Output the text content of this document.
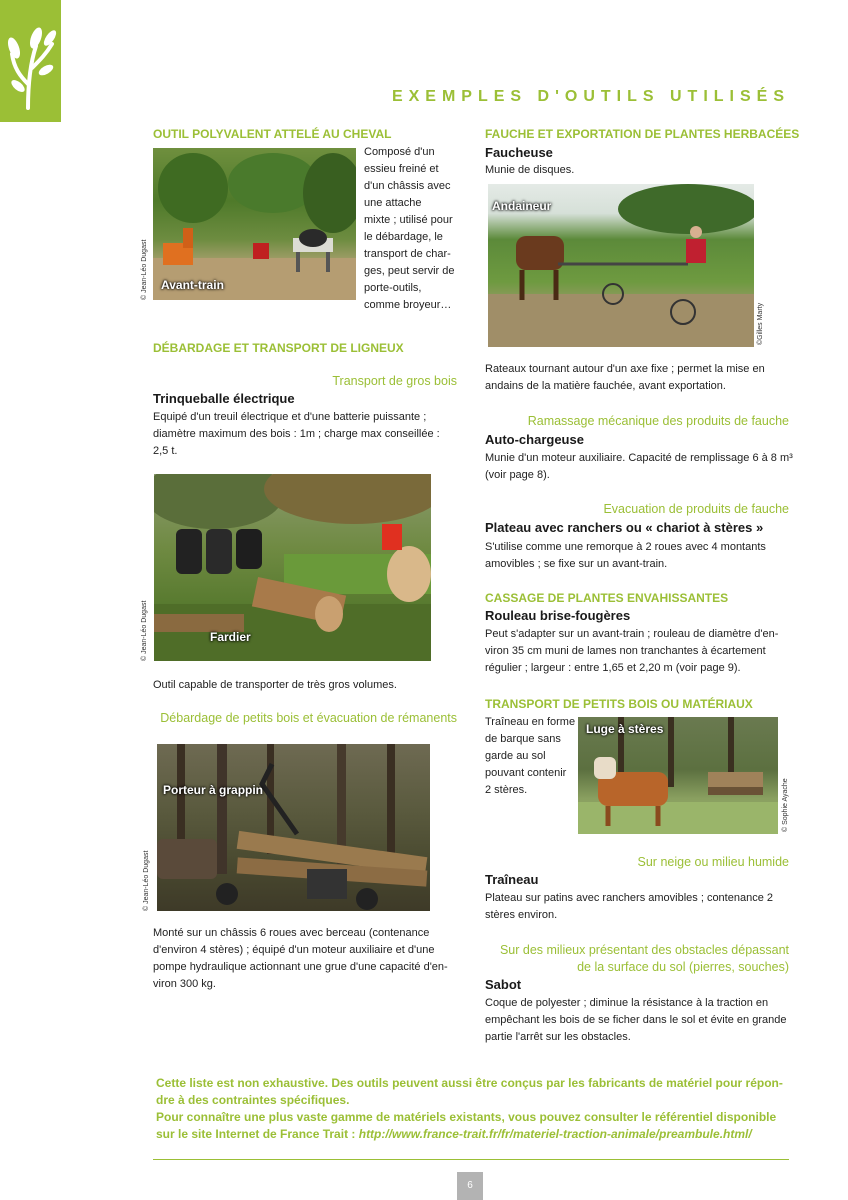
EXEMPLES D'OUTILS UTILISÉS
OUTIL POLYVALENT ATTELÉ AU CHEVAL
Avant-train
© Jean-Léo Dugast
Composé d'un
essieu freiné et
d'un châssis avec
une attache
mixte ; utilisé pour
le débardage, le
transport de char-
ges, peut servir de
porte-outils,
comme broyeur…
DÉBARDAGE ET TRANSPORT DE LIGNEUX
Transport de gros bois
Trinqueballe électrique
Equipé d'un treuil électrique et d'une batterie puissante ;
diamètre maximum des bois : 1m ; charge max conseillée :
2,5 t.
Fardier
© Jean-Léo Dugast
Outil capable de transporter de très gros volumes.
Débardage de petits bois et évacuation de rémanents
Porteur à grappin
© Jean-Léo Dugast
Monté sur un châssis 6 roues avec berceau (contenance
d'environ 4 stères) ; équipé d'un moteur auxiliaire et d'une
pompe hydraulique actionnant une grue d'une capacité d'en-
viron 300 kg.
FAUCHE ET EXPORTATION DE PLANTES HERBACÉES
Faucheuse
Munie de disques.
Andaineur
©Gilles Marty
Rateaux tournant autour d'un axe fixe ; permet la mise en
andains de la matière fauchée, avant exportation.
Ramassage mécanique des produits de fauche
Auto-chargeuse
Munie d'un moteur auxiliaire. Capacité de remplissage 6 à 8 m³
(voir page 8).
Evacuation de produits de fauche
Plateau avec ranchers ou « chariot à stères »
S'utilise comme une remorque à 2 roues avec 4 montants
amovibles ; se fixe sur un avant-train.
CASSAGE DE PLANTES ENVAHISSANTES
Rouleau brise-fougères
Peut s'adapter sur un avant-train ; rouleau de diamètre d'en-
viron 35 cm muni de lames non tranchantes à écartement
régulier ; largeur : entre 1,65 et 2,20 m (voir page 9).
TRANSPORT DE PETITS BOIS OU MATÉRIAUX
Traîneau en forme
de barque sans
garde au sol
pouvant contenir
2 stères.
Luge à stères
© Sophie Ayache
Sur neige ou milieu humide
Traîneau
Plateau sur patins avec ranchers amovibles ; contenance 2
stères environ.
Sur des milieux présentant des obstacles dépassant
de la surface du sol (pierres, souches)
Sabot
Coque de polyester ; diminue la résistance à la traction en
empêchant les bois de se ficher dans le sol et évite en grande
partie l'arrêt sur les obstacles.
Cette liste est non exhaustive. Des outils peuvent aussi être conçus par les fabricants de matériel pour répon-
dre à des contraintes spécifiques.
Pour connaître une plus vaste gamme de matériels existants, vous pouvez consulter le référentiel disponible
sur le site Internet de France Trait : http://www.france-trait.fr/fr/materiel-traction-animale/preambule.html/
6
